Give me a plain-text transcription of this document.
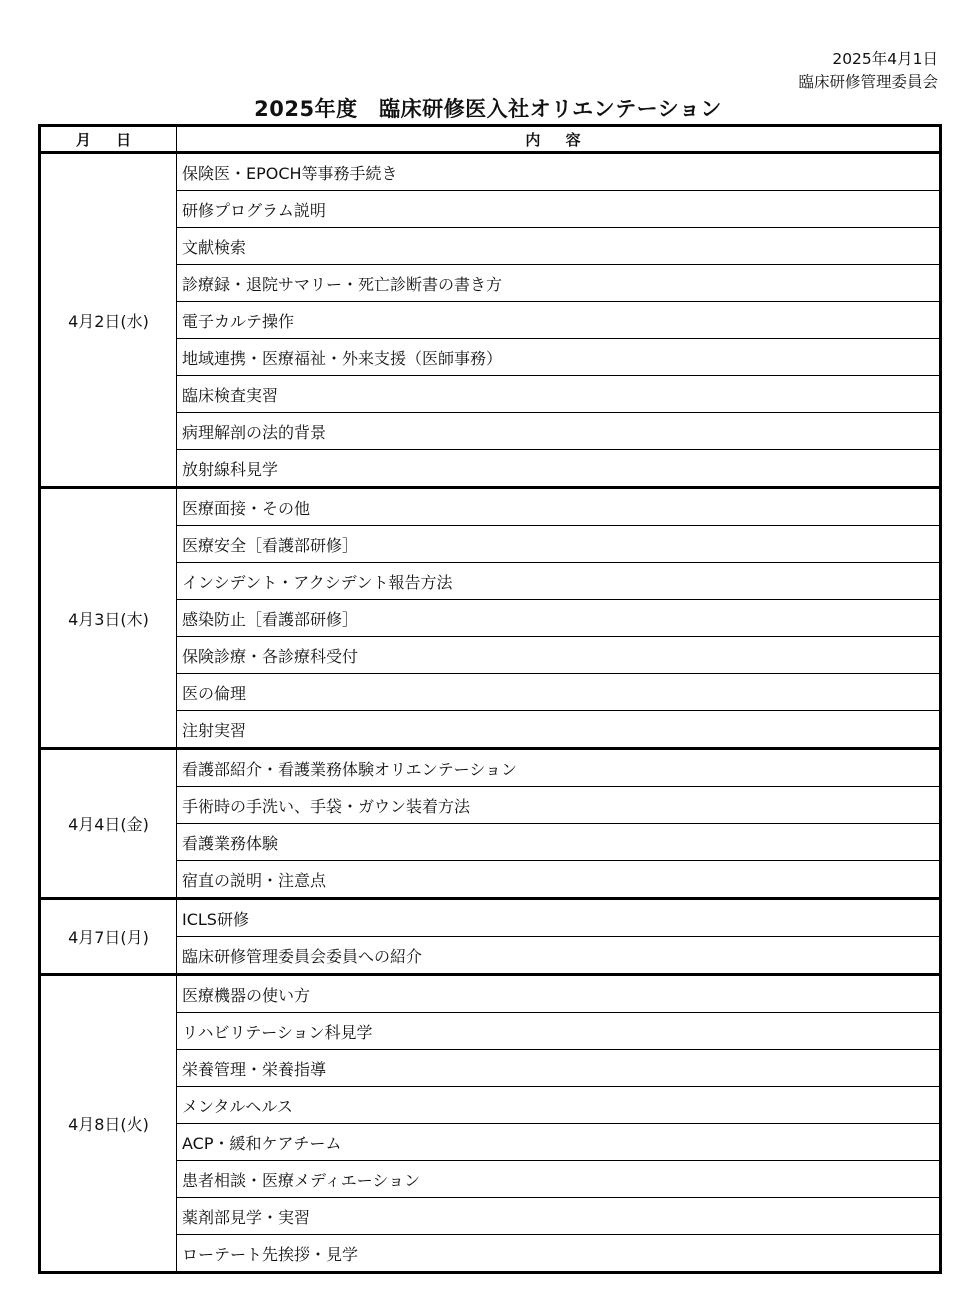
2025年4月1日
臨床研修管理委員会
2025年度　臨床研修医入社オリエンテーション
月 日	内 容
4月2日(水)	保険医・EPOCH等事務手続き
	研修プログラム説明
	文献検索
	診療録・退院サマリー・死亡診断書の書き方
	電子カルテ操作
	地域連携・医療福祉・外来支援（医師事務）
	臨床検査実習
	病理解剖の法的背景
	放射線科見学
4月3日(木)	医療面接・その他
	医療安全［看護部研修］
	インシデント・アクシデント報告方法
	感染防止［看護部研修］
	保険診療・各診療科受付
	医の倫理
	注射実習
4月4日(金)	看護部紹介・看護業務体験オリエンテーション
	手術時の手洗い、手袋・ガウン装着方法
	看護業務体験
	宿直の説明・注意点
4月7日(月)	ICLS研修
	臨床研修管理委員会委員への紹介
4月8日(火)	医療機器の使い方
	リハビリテーション科見学
	栄養管理・栄養指導
	メンタルヘルス
	ACP・緩和ケアチーム
	患者相談・医療メディエーション
	薬剤部見学・実習
	ローテート先挨拶・見学
